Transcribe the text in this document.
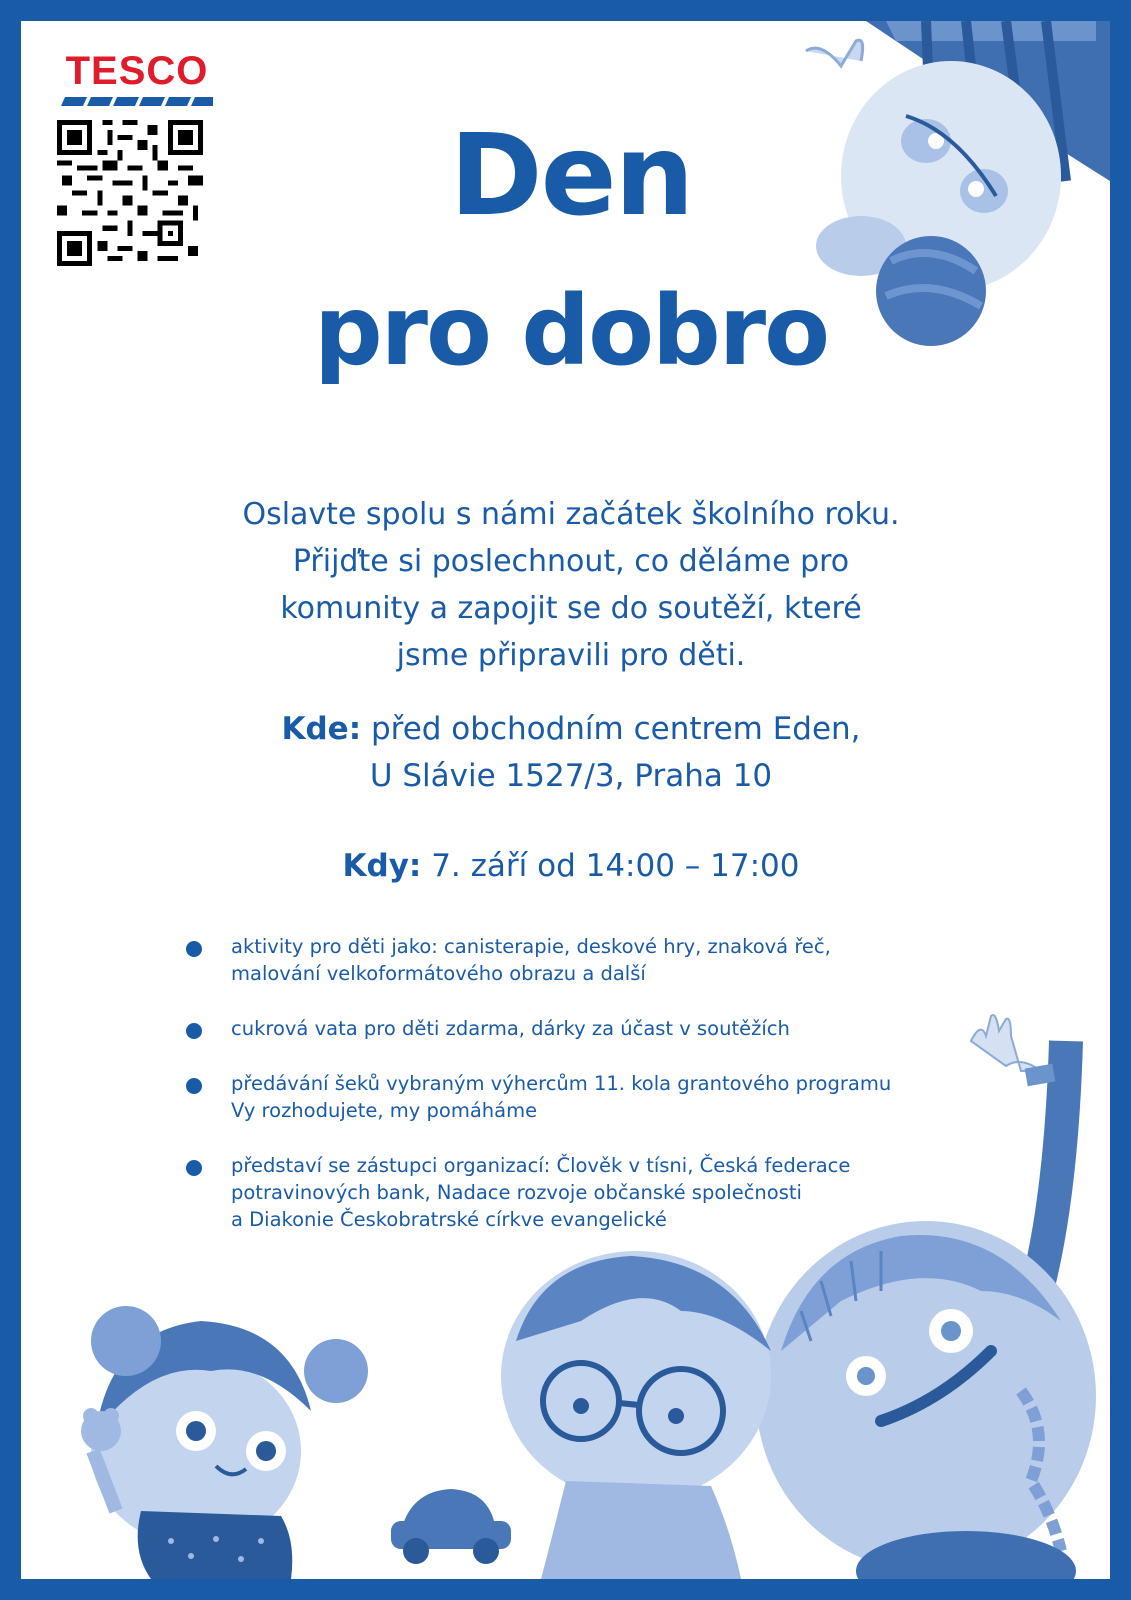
TESCO
Den
pro dobro
Oslavte spolu s námi začátek školního roku.
Přijďte si poslechnout, co děláme pro
komunity a zapojit se do soutěží, které
jsme připravili pro děti.
Kde: před obchodním centrem Eden,
U Slávie 1527/3, Praha 10
Kdy: 7. září od 14:00 – 17:00
aktivity pro děti jako: canisterapie, deskové hry, znaková řeč,
malování velkoformátového obrazu a další
cukrová vata pro děti zdarma, dárky za účast v soutěžích
předávání šeků vybraným výhercům 11. kola grantového programu
Vy rozhodujete, my pomáháme
představí se zástupci organizací: Člověk v tísni, Česká federace
potravinových bank, Nadace rozvoje občanské společnosti
a Diakonie Českobratrské církve evangelické
